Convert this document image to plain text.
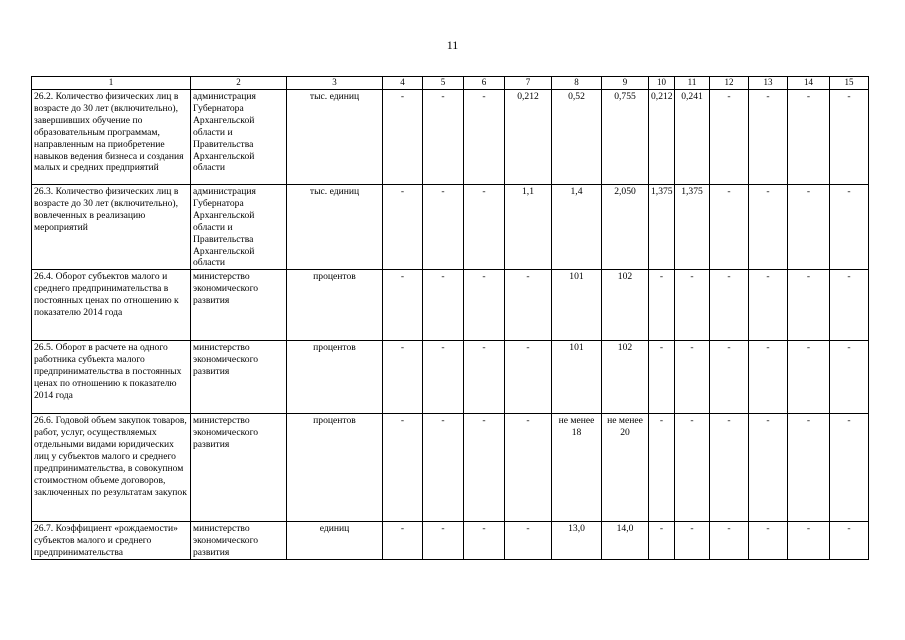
11
1	2	3	4	5	6	7	8	9	10	11	12	13	14	15
26.2. Количество физических лиц в возрасте до 30 лет (включительно), завершивших обучение по образовательным программам, направленным на приобретение навыков ведения бизнеса и создания малых и средних предприятий	администрация Губернатора Архангельской области и Правительства Архангельской области	тыс. единиц	-	-	-	0,212	0,52	0,755	0,212	0,241	-	-	-	-
26.3. Количество физических лиц в возрасте до 30 лет (включительно), вовлеченных в реализацию мероприятий	администрация Губернатора Архангельской области и Правительства Архангельской области	тыс. единиц	-	-	-	1,1	1,4	2,050	1,375	1,375	-	-	-	-
26.4. Оборот субъектов малого и среднего предпринимательства в постоянных ценах по отношению к показателю 2014 года	министерство экономического развития	процентов	-	-	-	-	101	102	-	-	-	-	-	-
26.5. Оборот в расчете на одного работника субъекта малого предпринимательства в постоянных ценах по отношению к показателю 2014 года	министерство экономического развития	процентов	-	-	-	-	101	102	-	-	-	-	-	-
26.6. Годовой объем закупок товаров, работ, услуг, осуществляемых отдельными видами юридических лиц у субъектов малого и среднего предпринимательства, в совокупном стоимостном объеме договоров, заключенных по результатам закупок	министерство экономического развития	процентов	-	-	-	-	не менее 18	не менее 20	-	-	-	-	-	-
26.7. Коэффициент «рождаемости» субъектов малого и среднего предпринимательства	министерство экономического развития	единиц	-	-	-	-	13,0	14,0	-	-	-	-	-	-
